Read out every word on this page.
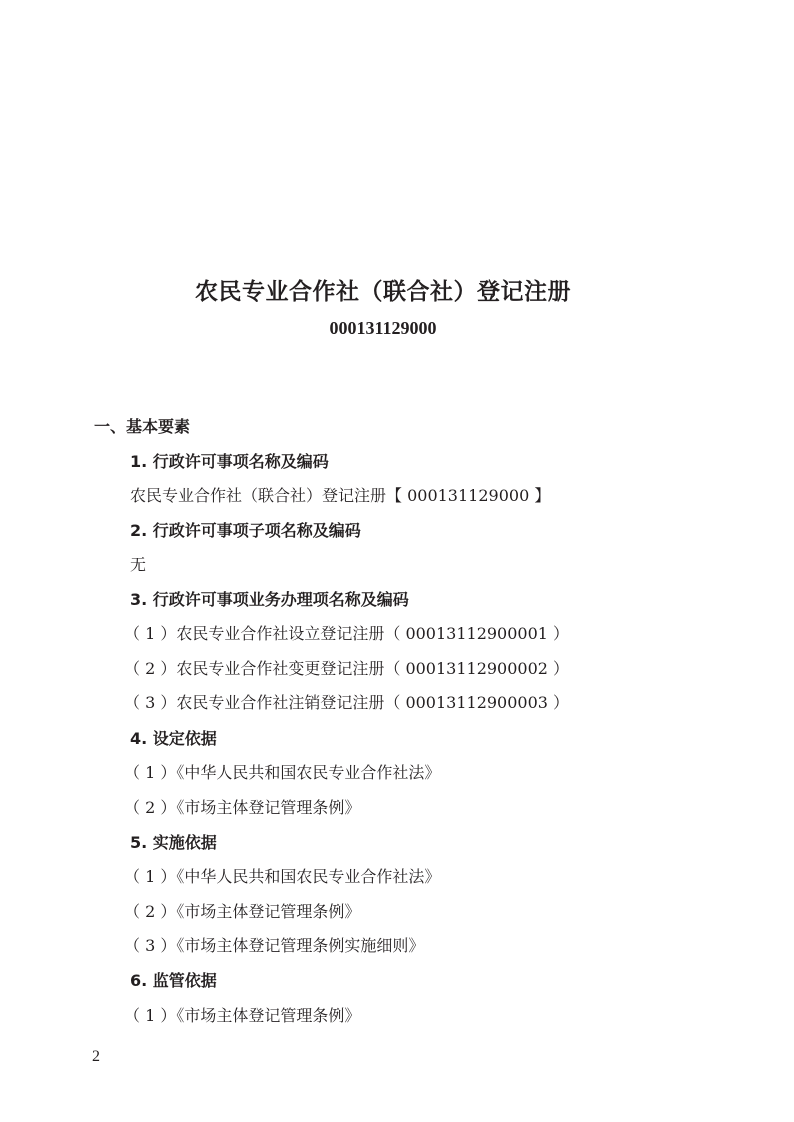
农民专业合作社（联合社）登记注册
000131129000
一、基本要素
1. 行政许可事项名称及编码
农民专业合作社（联合社）登记注册【 000131129000 】
2. 行政许可事项子项名称及编码
无
3. 行政许可事项业务办理项名称及编码
（ 1 ）农民专业合作社设立登记注册（ 00013112900001 ）
（ 2 ）农民专业合作社变更登记注册（ 00013112900002 ）
（ 3 ）农民专业合作社注销登记注册（ 00013112900003 ）
4. 设定依据
（ 1 ）《中华人民共和国农民专业合作社法》
（ 2 ）《市场主体登记管理条例》
5. 实施依据
（ 1 ）《中华人民共和国农民专业合作社法》
（ 2 ）《市场主体登记管理条例》
（ 3 ）《市场主体登记管理条例实施细则》
6. 监管依据
（ 1 ）《市场主体登记管理条例》
2
